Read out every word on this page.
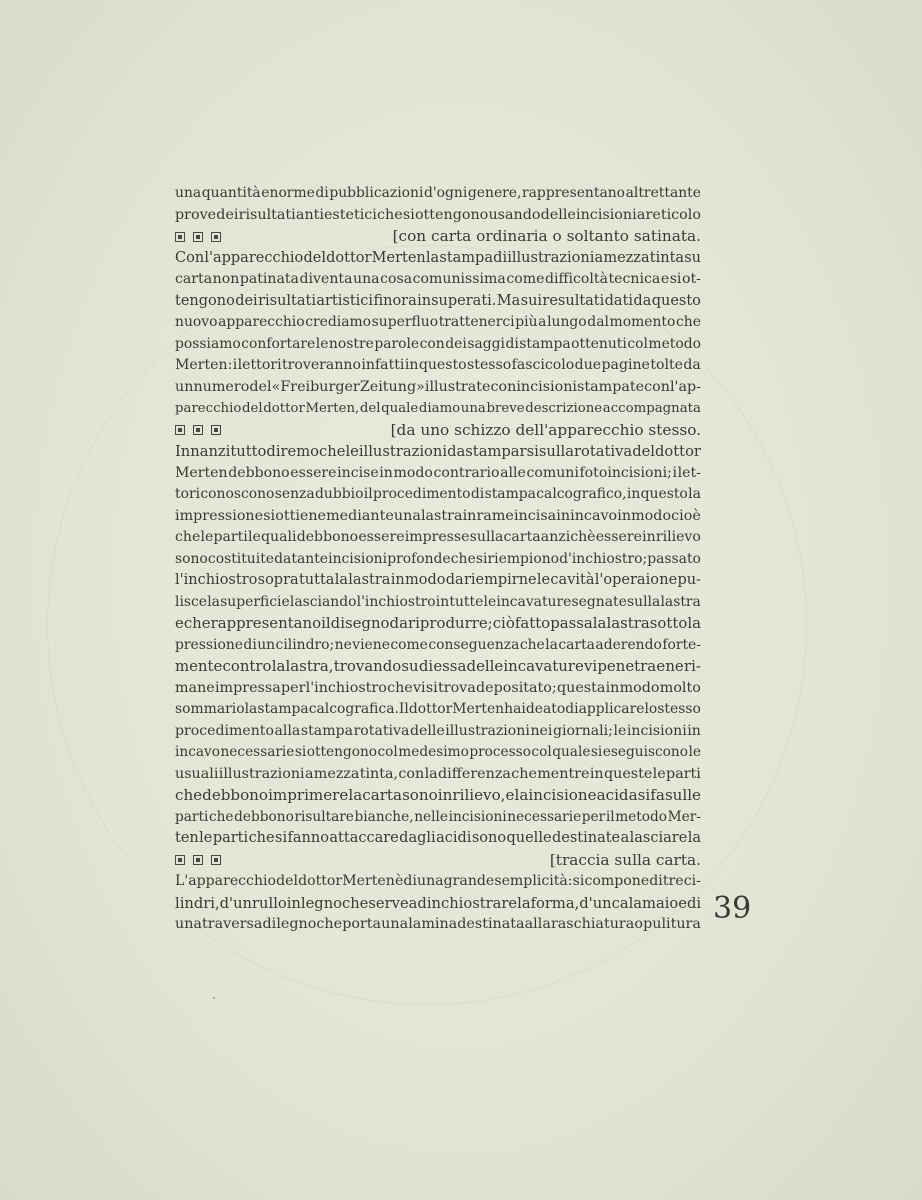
una quantità enorme di pubblicazioni d'ogni genere, rappresentano altrettante
prove dei risultati antiestetici che si ottengono usando delle incisioni a reticolo
[con carta ordinaria o soltanto satinata.
Con l'apparecchio del dottor Merten la stampa di illustrazioni a mezza tinta su
carta non patinata diventa una cosa comunissima come difficoltà tecnica e si ot-
tengono dei risultati artistici finora insuperati. Ma sui resultati dati da questo
nuovo apparecchio crediamo superfluo trattenerci più a lungo dal momento che
possiamo confortare le nostre parole con dei saggi di stampa ottenuti col metodo
Merten: i lettori troveranno infatti in questo stesso fascicolo due pagine tolte da
un numero del «Freiburger Zeitung» illustrate con incisioni stampate con l'ap-
parecchio del dottor Merten, del quale diamo una breve descrizione accompagnata
[da uno schizzo dell'apparecchio stesso.
Innanzi tutto diremo che le illustrazioni da stamparsi sulla rotativa del dottor
Merten debbono essere incise in modo contrario alle comuni fotoincisioni; i let-
tori conoscono senza dubbio il procedimento di stampa calcografico, in questo la
impressione si ottiene mediante una lastra in rame incisa in incavo in modo cioè
che le parti le quali debbono essere impresse sulla carta anzichè essere in rilievo
sono costituite da tante incisioni profonde che si riempiono d'inchiostro; passato
l'inchiostro sopra tutta la lastra in modo da riempirne le cavità l'operaio ne pu-
lisce la superficie lasciando l'inchiostro in tutte le incavature segnate sulla lastra
e che rappresentano il disegno da riprodurre; ciò fatto passa la lastra sotto la
pressione di un cilindro; ne viene come conseguenza che la carta aderendo forte-
mente contro la lastra, trovando su di essa delle incavature vi penetra e ne ri-
mane impressa per l'inchiostro che vi si trova depositato; questa in modo molto
sommario la stampa calcografica. Il dottor Merten ha ideato di applicare lo stesso
procedimento alla stampa rotativa delle illustrazioni nei giornali; le incisioni in
incavo necessarie si ottengono col medesimo processo col quale si eseguiscono le
usuali illustrazioni a mezza tinta, con la differenza che mentre in queste le parti
che debbono imprimere la carta sono in rilievo, e la incisione acida si fa sulle
parti che debbono risultare bianche, nelle incisioni necessarie per il metodo Mer-
ten le parti che si fanno attaccare dagli acidi sono quelle destinate a lasciare la
[traccia sulla carta.
L'apparecchio del dottor Merten è di una grande semplicità: si compone di tre ci-
lindri, d'un rullo in legno che serve ad inchiostrare la forma, d'un calamaio e di
una traversa di legno che porta una lamina destinata alla raschiatura o pulitura 39
